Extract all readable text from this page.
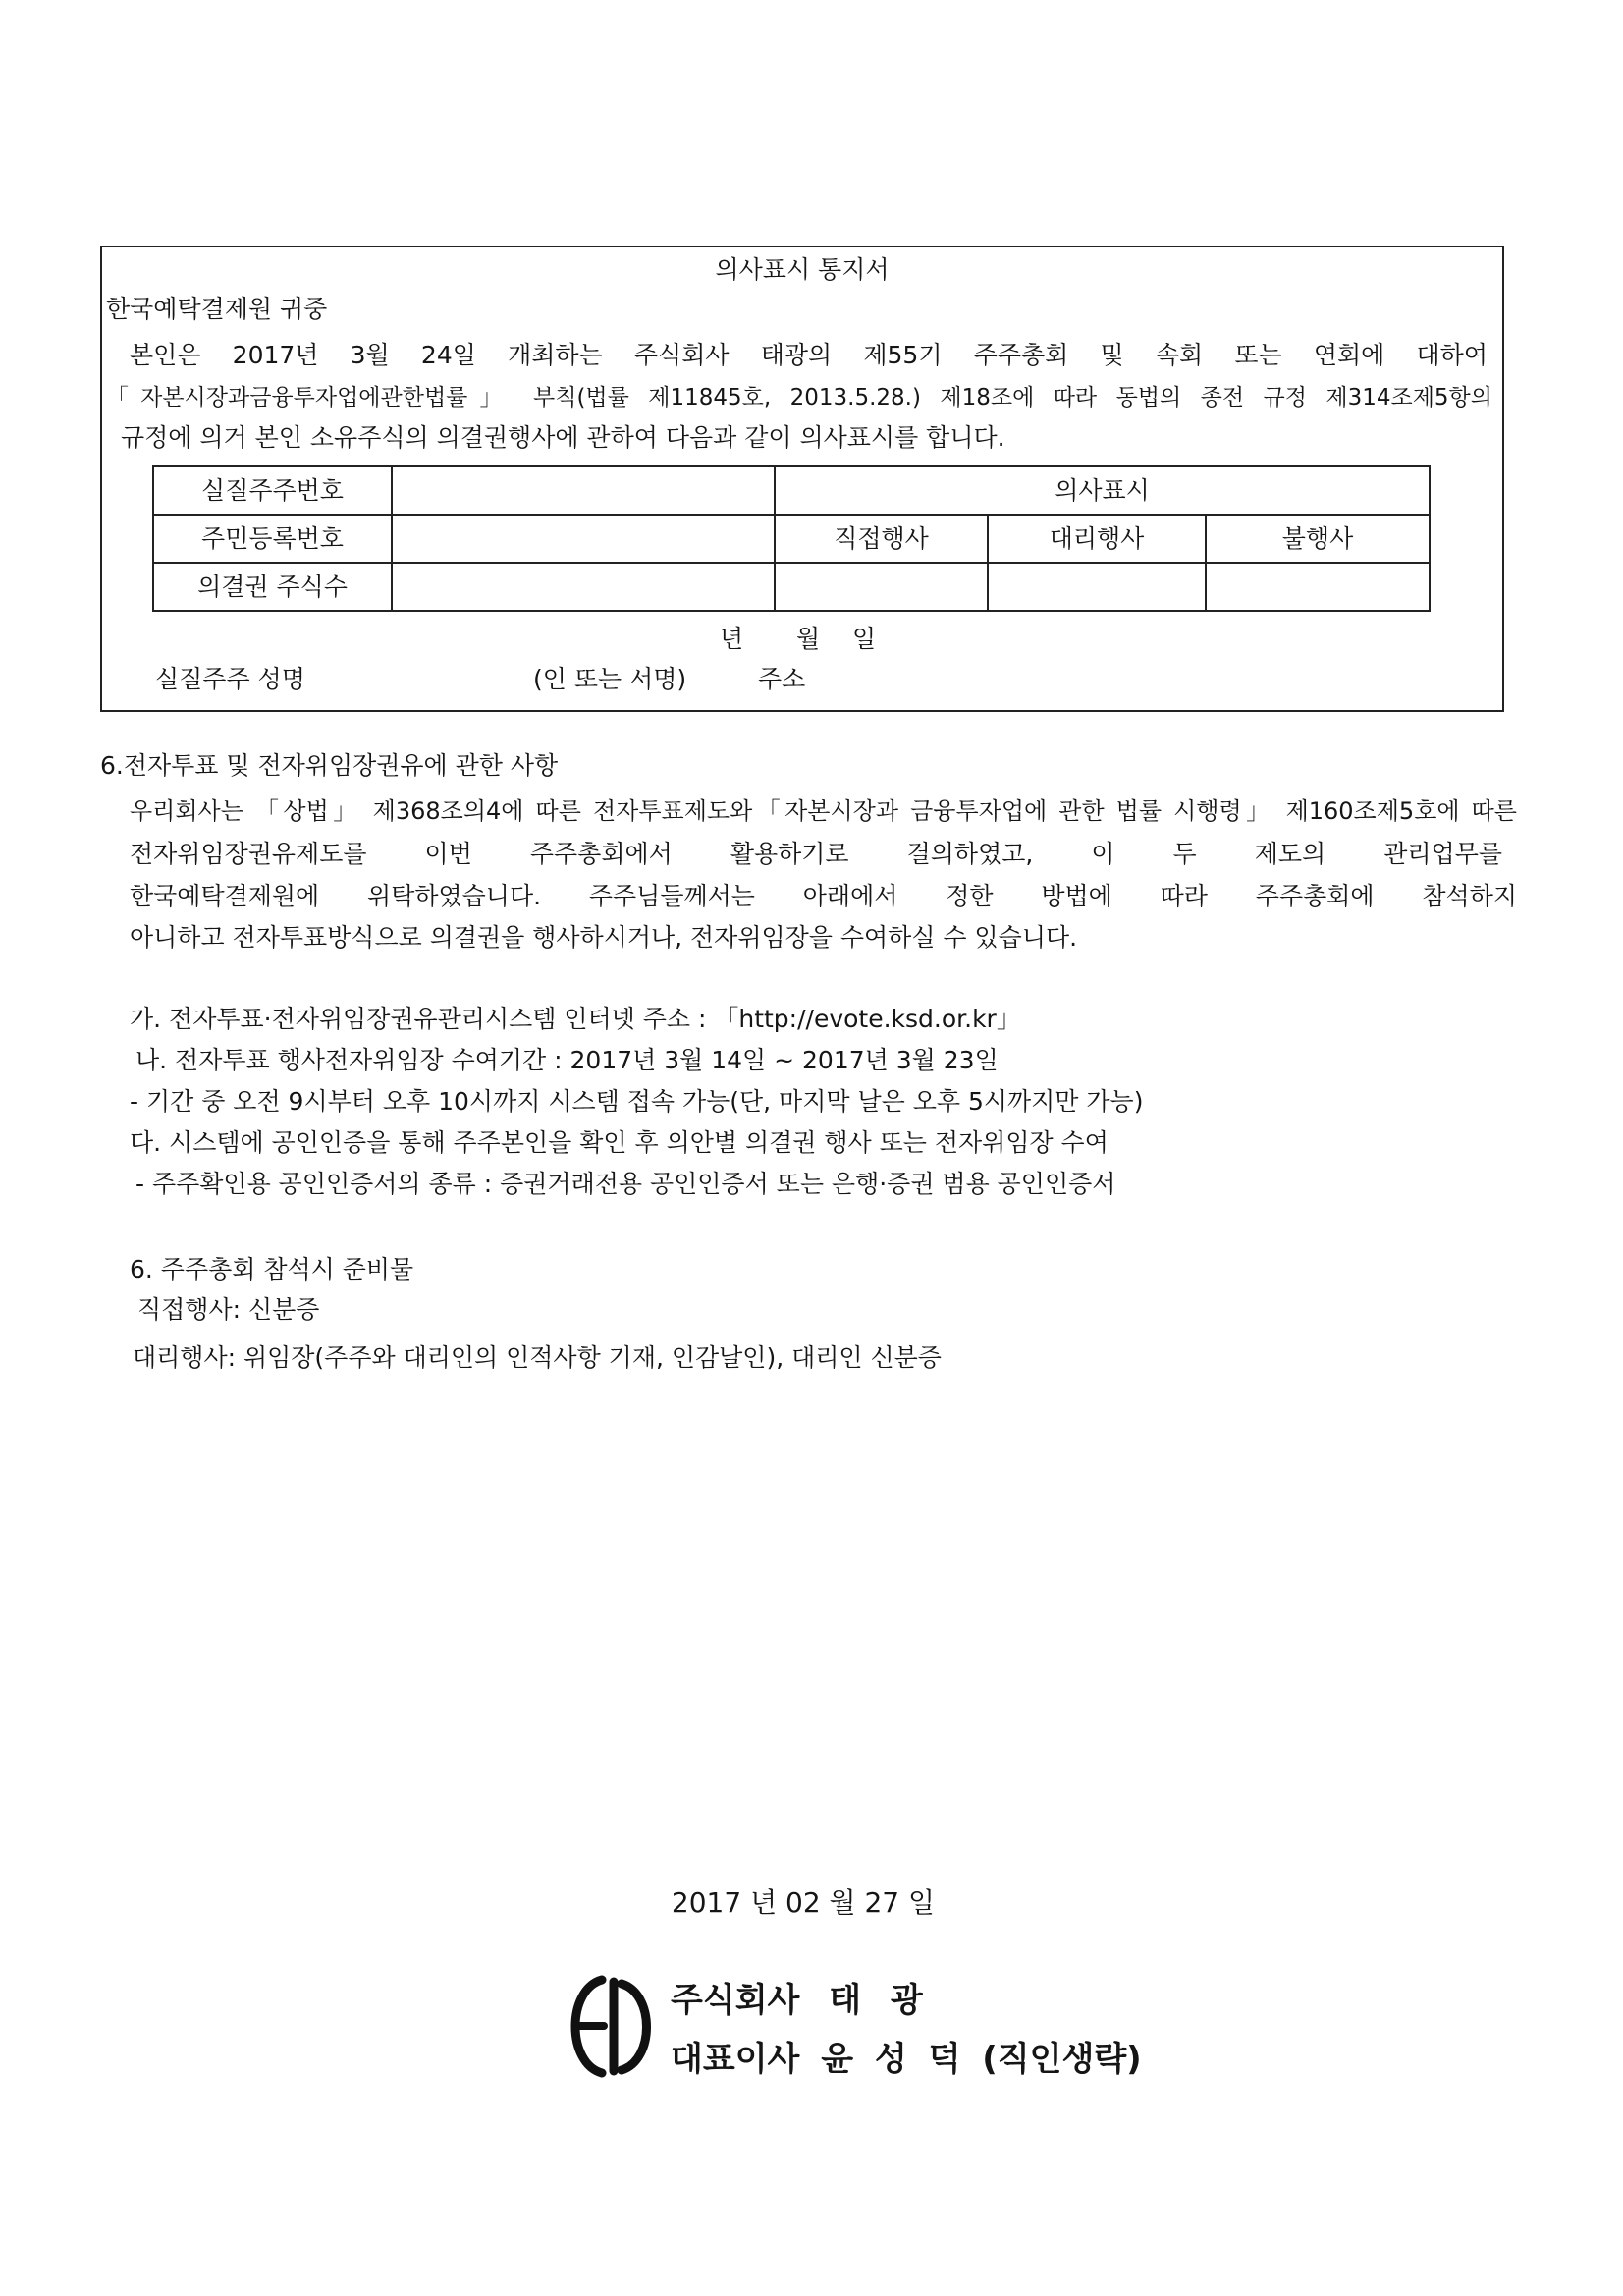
의사표시 통지서
한국예탁결제원 귀중
본인은 2017년 3월 24일 개최하는 주식회사 태광의 제55기 주주총회 및 속회 또는 연회에 대하여
「자본시장과금융투자업에관한법률」 부칙(법률 제11845호, 2013.5.28.) 제18조에 따라 동법의 종전 규정 제314조제5항의
규정에 의거 본인 소유주식의 의결권행사에 관하여 다음과 같이 의사표시를 합니다.
실질주주번호		의사표시		
주민등록번호		직접행사	대리행사	불행사
의결권 주식수				
년 월 일
실질주주 성명	(인 또는 서명)	주소
6.전자투표 및 전자위임장권유에 관한 사항
우리회사는 「상법」 제368조의4에 따른 전자투표제도와「자본시장과 금융투자업에 관한 법률 시행령」 제160조제5호에 따른
전자위임장권유제도를 이번 주주총회에서 활용하기로 결의하였고, 이 두 제도의 관리업무를
한국예탁결제원에 위탁하였습니다. 주주님들께서는 아래에서 정한 방법에 따라 주주총회에 참석하지
아니하고 전자투표방식으로 의결권을 행사하시거나, 전자위임장을 수여하실 수 있습니다.
가. 전자투표·전자위임장권유관리시스템 인터넷 주소 : 「http://evote.ksd.or.kr」
나. 전자투표 행사전자위임장 수여기간 : 2017년 3월 14일 ~ 2017년 3월 23일
- 기간 중 오전 9시부터 오후 10시까지 시스템 접속 가능(단, 마지막 날은 오후 5시까지만 가능)
다. 시스템에 공인인증을 통해 주주본인을 확인 후 의안별 의결권 행사 또는 전자위임장 수여
- 주주확인용 공인인증서의 종류 : 증권거래전용 공인인증서 또는 은행·증권 범용 공인인증서
6. 주주총회 참석시 준비물
직접행사: 신분증
대리행사: 위임장(주주와 대리인의 인적사항 기재, 인감날인), 대리인 신분증
2017 년 02 월 27 일
주식회사 태 광
대표이사 윤 성 덕 (직인생략)
